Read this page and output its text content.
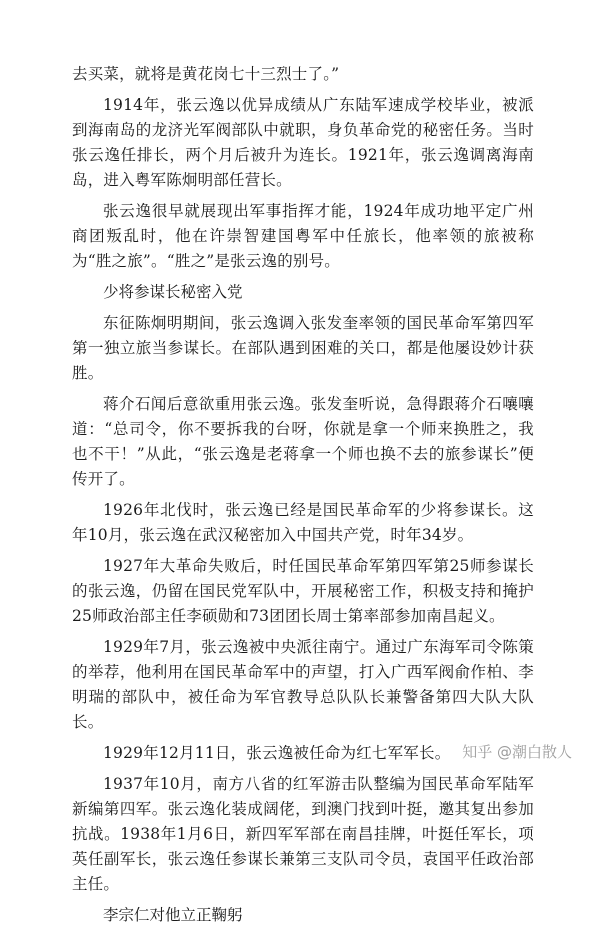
去买菜，就将是黄花岗七十三烈士了。”

1914年，张云逸以优异成绩从广东陆军速成学校毕业，被派到海南岛的龙济光军阀部队中就职，身负革命党的秘密任务。当时张云逸任排长，两个月后被升为连长。1921年，张云逸调离海南岛，进入粤军陈炯明部任营长。

张云逸很早就展现出军事指挥才能，1924年成功地平定广州商团叛乱时，他在许崇智建国粤军中任旅长，他率领的旅被称为“胜之旅”。“胜之”是张云逸的别号。

少将参谋长秘密入党

东征陈炯明期间，张云逸调入张发奎率领的国民革命军第四军第一独立旅当参谋长。在部队遇到困难的关口，都是他屡设妙计获胜。

蒋介石闻后意欲重用张云逸。张发奎听说，急得跟蒋介石嚷嚷道：“总司令，你不要拆我的台呀，你就是拿一个师来换胜之，我也不干！”从此，“张云逸是老蒋拿一个师也换不去的旅参谋长”便传开了。

1926年北伐时，张云逸已经是国民革命军的少将参谋长。这年10月，张云逸在武汉秘密加入中国共产党，时年34岁。

1927年大革命失败后，时任国民革命军第四军第25师参谋长的张云逸，仍留在国民党军队中，开展秘密工作，积极支持和掩护25师政治部主任李硕勋和73团团长周士第率部参加南昌起义。

1929年7月，张云逸被中央派往南宁。通过广东海军司令陈策的举荐，他利用在国民革命军中的声望，打入广西军阀俞作柏、李明瑞的部队中，被任命为军官教导总队队长兼警备第四大队大队长。

1929年12月11日，张云逸被任命为红七军军长。

1937年10月，南方八省的红军游击队整编为国民革命军陆军新编第四军。张云逸化装成阔佬，到澳门找到叶挺，邀其复出参加抗战。1938年1月6日，新四军军部在南昌挂牌，叶挺任军长，项英任副军长，张云逸任参谋长兼第三支队司令员，袁国平任政治部主任。

李宗仁对他立正鞠躬

知乎 @潮白散人
